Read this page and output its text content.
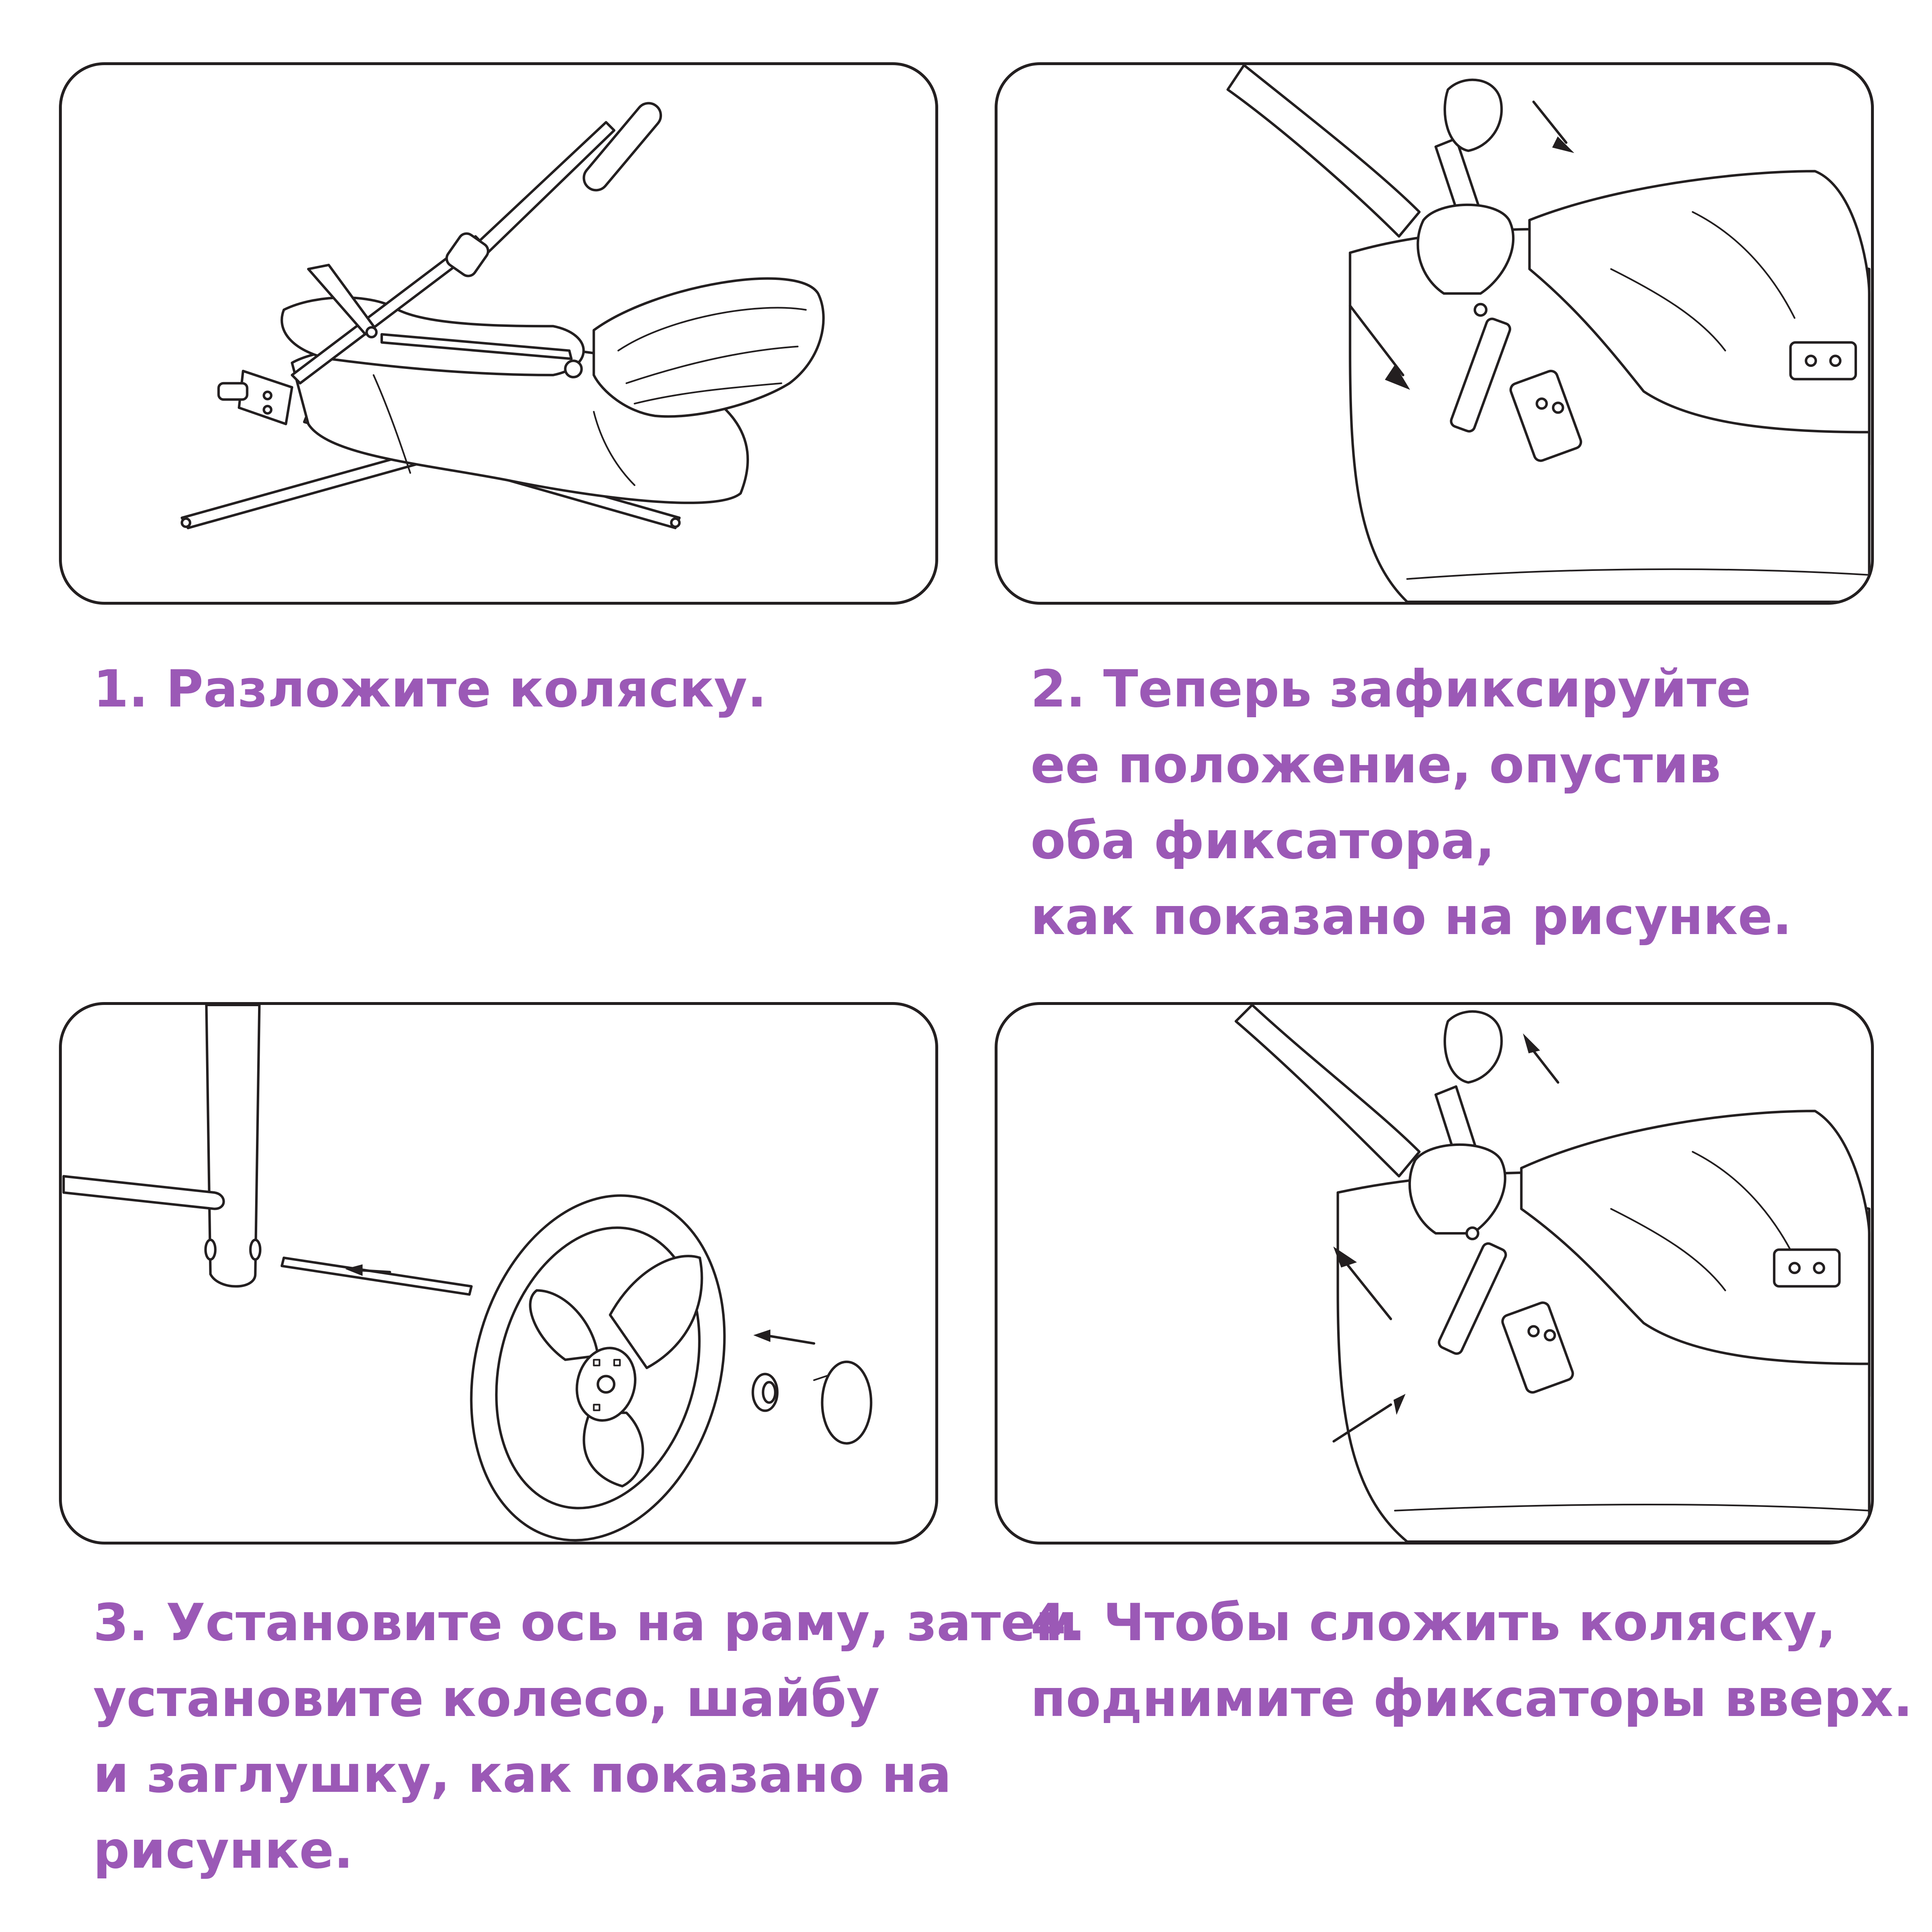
1. Разложите коляску.	2. Теперь зафиксируйте
ее положение, опустив
оба фиксатора,
как показано на рисунке.

3. Установите ось на раму, затем
установите колесо, шайбу
и заглушку, как показано на
рисунке.

4. Чтобы сложить коляску,
поднимите фиксаторы вверх.
